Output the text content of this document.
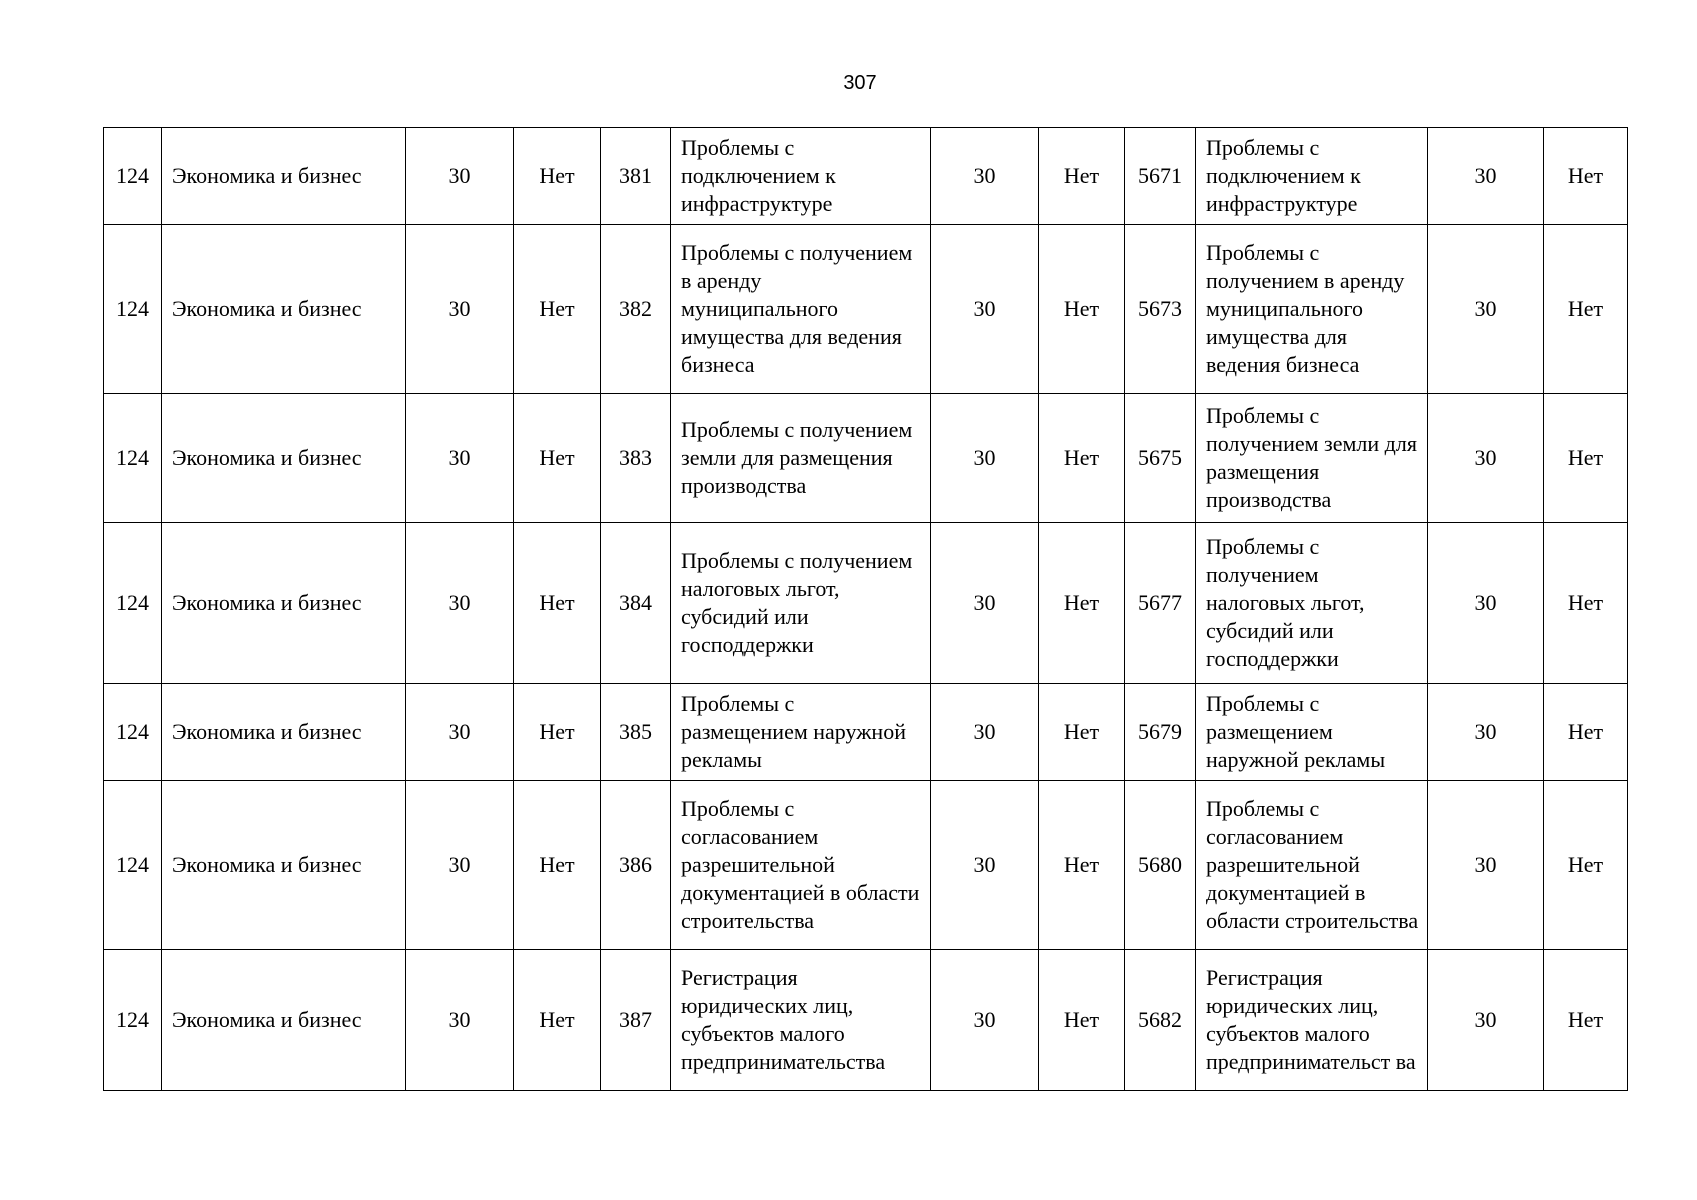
307
124	Экономика и бизнес	30	Нет	381	Проблемы с подключением к инфраструктуре	30	Нет	5671	Проблемы с подключением к инфраструктуре	30	Нет
124	Экономика и бизнес	30	Нет	382	Проблемы с получением в аренду муниципального имущества для ведения бизнеса	30	Нет	5673	Проблемы с получением в аренду муниципального имущества для ведения бизнеса	30	Нет
124	Экономика и бизнес	30	Нет	383	Проблемы с получением земли для размещения производства	30	Нет	5675	Проблемы с получением земли для размещения производства	30	Нет
124	Экономика и бизнес	30	Нет	384	Проблемы с получением налоговых льгот, субсидий или господдержки	30	Нет	5677	Проблемы с получением налоговых льгот, субсидий или господдержки	30	Нет
124	Экономика и бизнес	30	Нет	385	Проблемы с размещением наружной рекламы	30	Нет	5679	Проблемы с размещением наружной рекламы	30	Нет
124	Экономика и бизнес	30	Нет	386	Проблемы с согласованием разрешительной документацией в области строительства	30	Нет	5680	Проблемы с согласованием разрешительной документацией в области строительства	30	Нет
124	Экономика и бизнес	30	Нет	387	Регистрация юридических лиц, субъектов малого предпринимательства	30	Нет	5682	Регистрация юридических лиц, субъектов малого предпринимательст ва	30	Нет
